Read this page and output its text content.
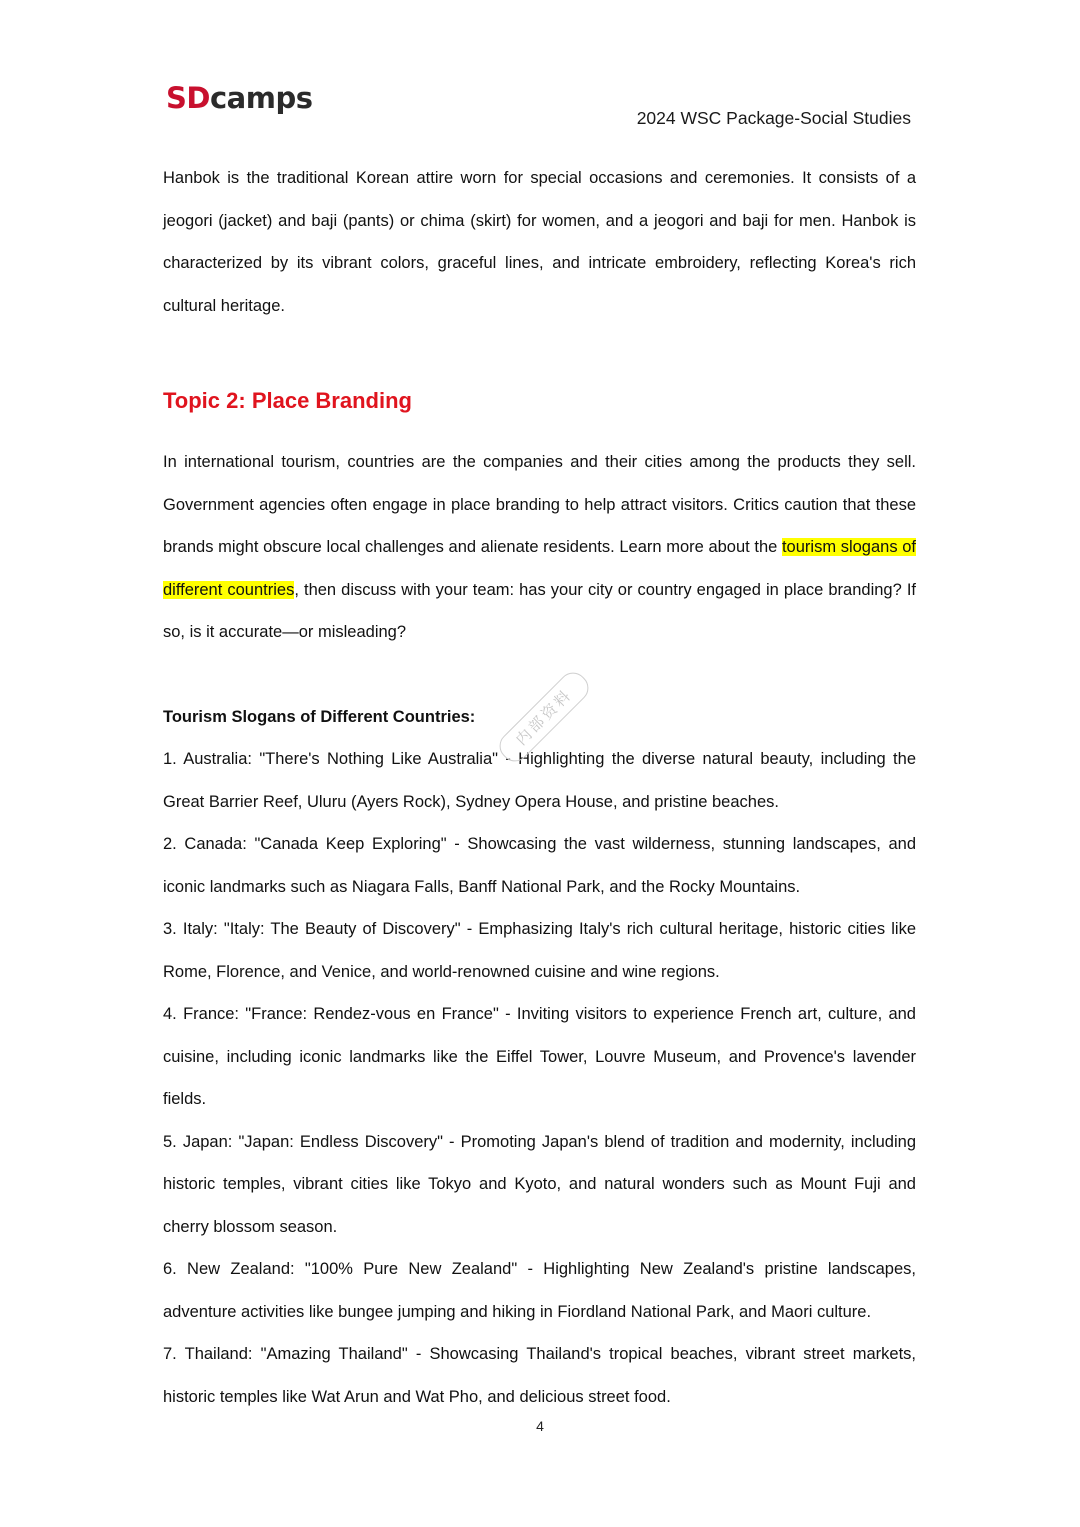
SDcamps
2024 WSC Package-Social Studies

Hanbok is the traditional Korean attire worn for special occasions and ceremonies. It consists of a jeogori (jacket) and baji (pants) or chima (skirt) for women, and a jeogori and baji for men. Hanbok is characterized by its vibrant colors, graceful lines, and intricate embroidery, reflecting Korea's rich cultural heritage.

Topic 2: Place Branding

In international tourism, countries are the companies and their cities among the products they sell. Government agencies often engage in place branding to help attract visitors. Critics caution that these brands might obscure local challenges and alienate residents. Learn more about the tourism slogans of different countries, then discuss with your team: has your city or country engaged in place branding? If so, is it accurate—or misleading?

Tourism Slogans of Different Countries:

1. Australia: "There's Nothing Like Australia" - Highlighting the diverse natural beauty, including the Great Barrier Reef, Uluru (Ayers Rock), Sydney Opera House, and pristine beaches.

2. Canada: "Canada Keep Exploring" - Showcasing the vast wilderness, stunning landscapes, and iconic landmarks such as Niagara Falls, Banff National Park, and the Rocky Mountains.

3. Italy: "Italy: The Beauty of Discovery" - Emphasizing Italy's rich cultural heritage, historic cities like Rome, Florence, and Venice, and world-renowned cuisine and wine regions.

4. France: "France: Rendez-vous en France" - Inviting visitors to experience French art, culture, and cuisine, including iconic landmarks like the Eiffel Tower, Louvre Museum, and Provence's lavender fields.

5. Japan: "Japan: Endless Discovery" - Promoting Japan's blend of tradition and modernity, including historic temples, vibrant cities like Tokyo and Kyoto, and natural wonders such as Mount Fuji and cherry blossom season.

6. New Zealand: "100% Pure New Zealand" - Highlighting New Zealand's pristine landscapes, adventure activities like bungee jumping and hiking in Fiordland National Park, and Maori culture.

7. Thailand: "Amazing Thailand" - Showcasing Thailand's tropical beaches, vibrant street markets, historic temples like Wat Arun and Wat Pho, and delicious street food.

内部资料
4
